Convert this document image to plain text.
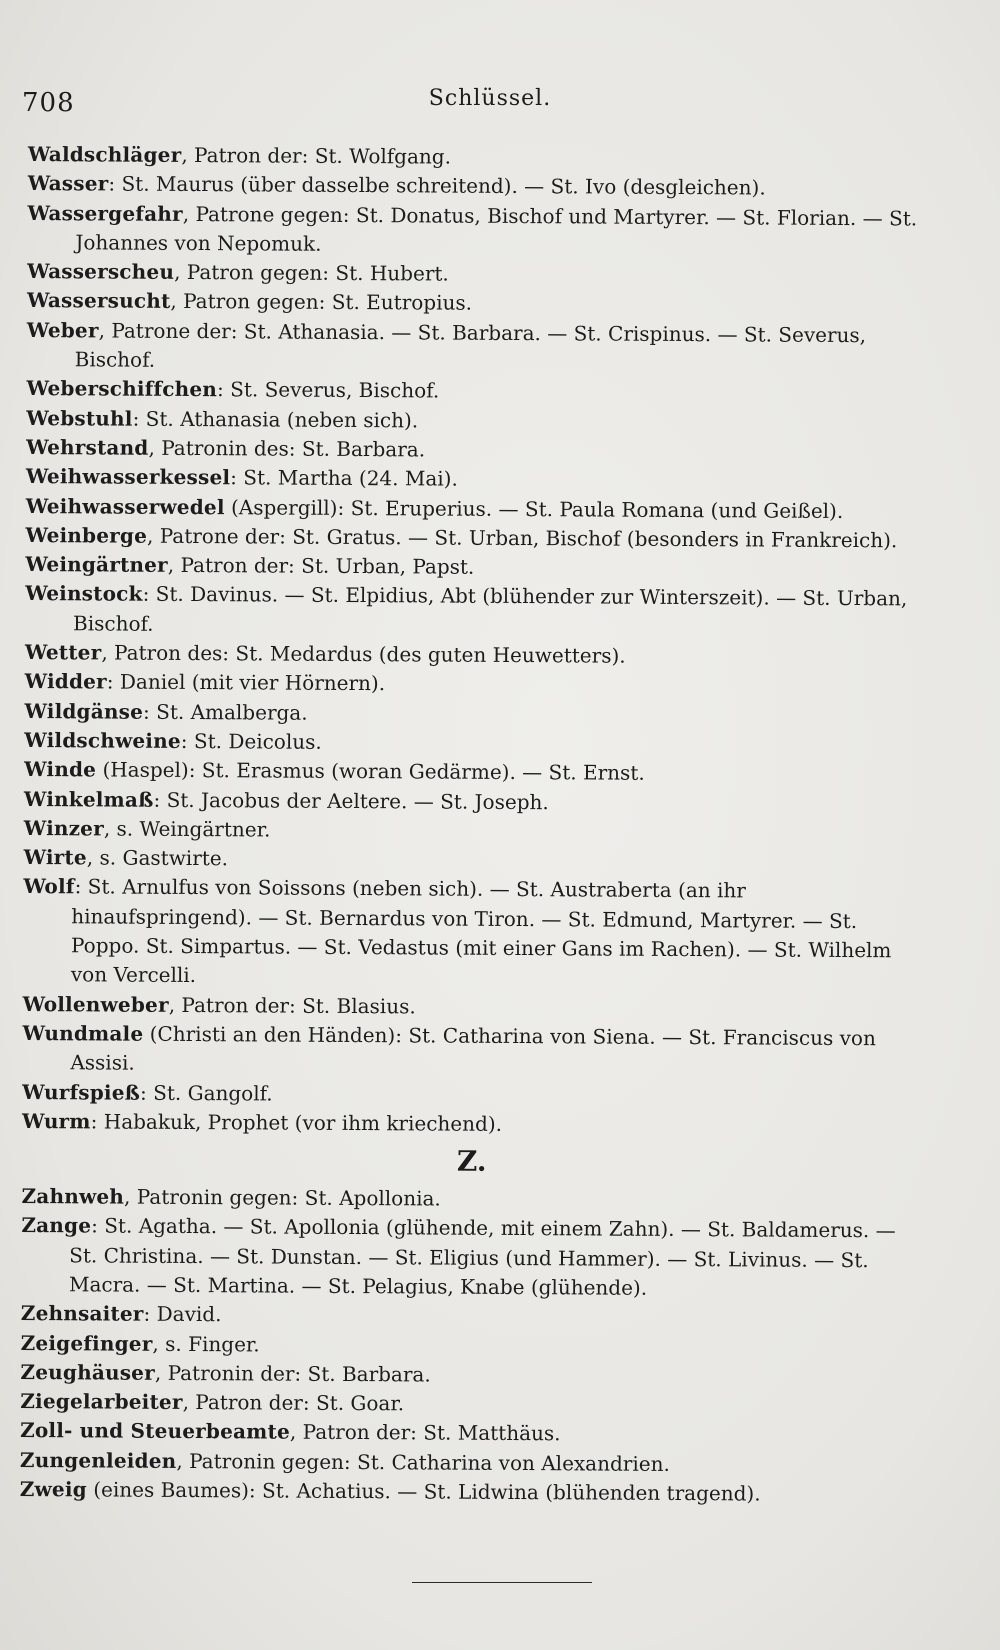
708	Schlüssel.

Waldschläger, Patron der: St. Wolfgang.

Wasser: St. Maurus (über dasselbe schreitend). — St. Ivo (desgleichen).

Wassergefahr, Patrone gegen: St. Donatus, Bischof und Martyrer. — St. Florian. — St. Johannes von Nepomuk.

Wasserscheu, Patron gegen: St. Hubert.

Wassersucht, Patron gegen: St. Eutropius.

Weber, Patrone der: St. Athanasia. — St. Barbara. — St. Crispinus. — St. Severus, Bischof.

Weberschiffchen: St. Severus, Bischof.

Webstuhl: St. Athanasia (neben sich).

Wehrstand, Patronin des: St. Barbara.

Weihwasserkessel: St. Martha (24. Mai).

Weihwasserwedel (Aspergill): St. Eruperius. — St. Paula Romana (und Geißel).

Weinberge, Patrone der: St. Gratus. — St. Urban, Bischof (besonders in Frankreich).

Weingärtner, Patron der: St. Urban, Papst.

Weinstock: St. Davinus. — St. Elpidius, Abt (blühender zur Winterszeit). — St. Urban, Bischof.

Wetter, Patron des: St. Medardus (des guten Heuwetters).

Widder: Daniel (mit vier Hörnern).

Wildgänse: St. Amalberga.

Wildschweine: St. Deicolus.

Winde (Haspel): St. Erasmus (woran Gedärme). — St. Ernst.

Winkelmaß: St. Jacobus der Aeltere. — St. Joseph.

Winzer, s. Weingärtner.

Wirte, s. Gastwirte.

Wolf: St. Arnulfus von Soissons (neben sich). — St. Austraberta (an ihr hinaufspringend). — St. Bernardus von Tiron. — St. Edmund, Martyrer. — St. Poppo. St. Simpartus. — St. Vedastus (mit einer Gans im Rachen). — St. Wilhelm von Vercelli.

Wollenweber, Patron der: St. Blasius.

Wundmale (Christi an den Händen): St. Catharina von Siena. — St. Franciscus von Assisi.

Wurfspieß: St. Gangolf.

Wurm: Habakuk, Prophet (vor ihm kriechend).

Z.

Zahnweh, Patronin gegen: St. Apollonia.

Zange: St. Agatha. — St. Apollonia (glühende, mit einem Zahn). — St. Baldamerus. — St. Christina. — St. Dunstan. — St. Eligius (und Hammer). — St. Livinus. — St. Macra. — St. Martina. — St. Pelagius, Knabe (glühende).

Zehnsaiter: David.

Zeigefinger, s. Finger.

Zeughäuser, Patronin der: St. Barbara.

Ziegelarbeiter, Patron der: St. Goar.

Zoll- und Steuerbeamte, Patron der: St. Matthäus.

Zungenleiden, Patronin gegen: St. Catharina von Alexandrien.

Zweig (eines Baumes): St. Achatius. — St. Lidwina (blühenden tragend).
